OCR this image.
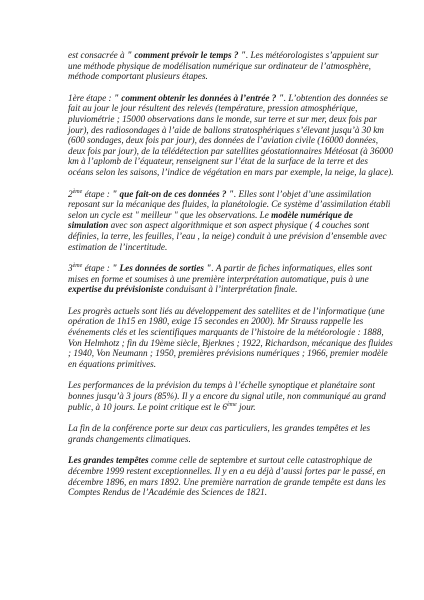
est consacrée à " comment prévoir le temps ? ". Les météorologistes s’appuient sur une méthode physique de modélisation numérique sur ordinateur de l’atmosphère, méthode comportant plusieurs étapes.

1ère étape : " comment obtenir les données à l’entrée ? ". L’obtention des données se fait au jour le jour résultent des relevés (température, pression atmosphérique, pluviométrie ; 15000 observations dans le monde, sur terre et sur mer, deux fois par jour), des radiosondages à l’aide de ballons stratosphériques s’élevant jusqu’à 30 km (600 sondages, deux fois par jour), des données de l’aviation civile (16000 données, deux fois par jour), de la télédétection par satellites géostationnaires Météosat (à 36000 km à l’aplomb de l’équateur, renseignent sur l’état de la surface de la terre et des océans selon les saisons, l’indice de végétation en mars par exemple, la neige, la glace).

2ème étape : " que fait-on de ces données ? ". Elles sont l’objet d’une assimilation reposant sur la mécanique des fluides, la planétologie. Ce système d’assimilation établi selon un cycle est " meilleur " que les observations. Le modèle numérique de simulation avec son aspect algorithmique et son aspect physique ( 4 couches sont définies, la terre, les feuilles, l’eau , la neige) conduit à une prévision d’ensemble avec estimation de l’incertitude.

3ème étape : " Les données de sorties ". A partir de fiches informatiques, elles sont mises en forme et soumises à une première interprétation automatique, puis à une expertise du prévisioniste conduisant à l’interprétation finale.

Les progrès actuels sont liés au développement des satellites et de l’informatique (une opération de 1h15 en 1980, exige 15 secondes en 2000). Mr Strauss rappelle les événements clés et les scientifiques marquants de l’histoire de la météorologie : 1888, Von Helmhotz ; fin du 19ème siècle, Bjerknes ; 1922, Richardson, mécanique des fluides ; 1940, Von Neumann ; 1950, premières prévisions numériques ; 1966, premier modèle en équations primitives.

Les performances de la prévision du temps à l’échelle synoptique et planétaire sont bonnes jusqu’à 3 jours (85%). Il y a encore du signal utile, non communiqué au grand public, à 10 jours. Le point critique est le 6ème jour.

La fin de la conférence porte sur deux cas particuliers, les grandes tempêtes et les grands changements climatiques.

Les grandes tempêtes comme celle de septembre et surtout celle catastrophique de décembre 1999 restent exceptionnelles. Il y en a eu déjà d’aussi fortes par le passé, en décembre 1896, en mars 1892. Une première narration de grande tempête est dans les Comptes Rendus de l’Académie des Sciences de 1821.
